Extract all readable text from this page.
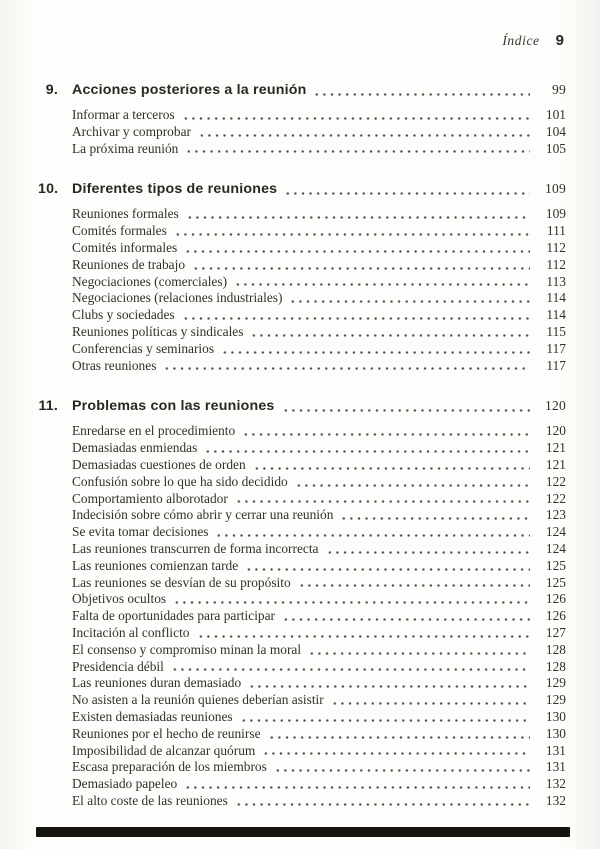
Índice 9
9. Acciones posteriores a la reunión	99
Informar a terceros	101
Archivar y comprobar	104
La próxima reunión	105
10. Diferentes tipos de reuniones	109
Reuniones formales	109
Comités formales	111
Comités informales	112
Reuniones de trabajo	112
Negociaciones (comerciales)	113
Negociaciones (relaciones industriales)	114
Clubs y sociedades	114
Reuniones políticas y sindicales	115
Conferencias y seminarios	117
Otras reuniones	117
11. Problemas con las reuniones	120
Enredarse en el procedimiento	120
Demasiadas enmiendas	121
Demasiadas cuestiones de orden	121
Confusión sobre lo que ha sido decidido	122
Comportamiento alborotador	122
Indecisión sobre cómo abrir y cerrar una reunión	123
Se evita tomar decisiones	124
Las reuniones transcurren de forma incorrecta	124
Las reuniones comienzan tarde	125
Las reuniones se desvían de su propósito	125
Objetivos ocultos	126
Falta de oportunidades para participar	126
Incitación al conflicto	127
El consenso y compromiso minan la moral	128
Presidencia débil	128
Las reuniones duran demasiado	129
No asisten a la reunión quienes deberían asistir	129
Existen demasiadas reuniones	130
Reuniones por el hecho de reunirse	130
Imposibilidad de alcanzar quórum	131
Escasa preparación de los miembros	131
Demasiado papeleo	132
El alto coste de las reuniones	132
